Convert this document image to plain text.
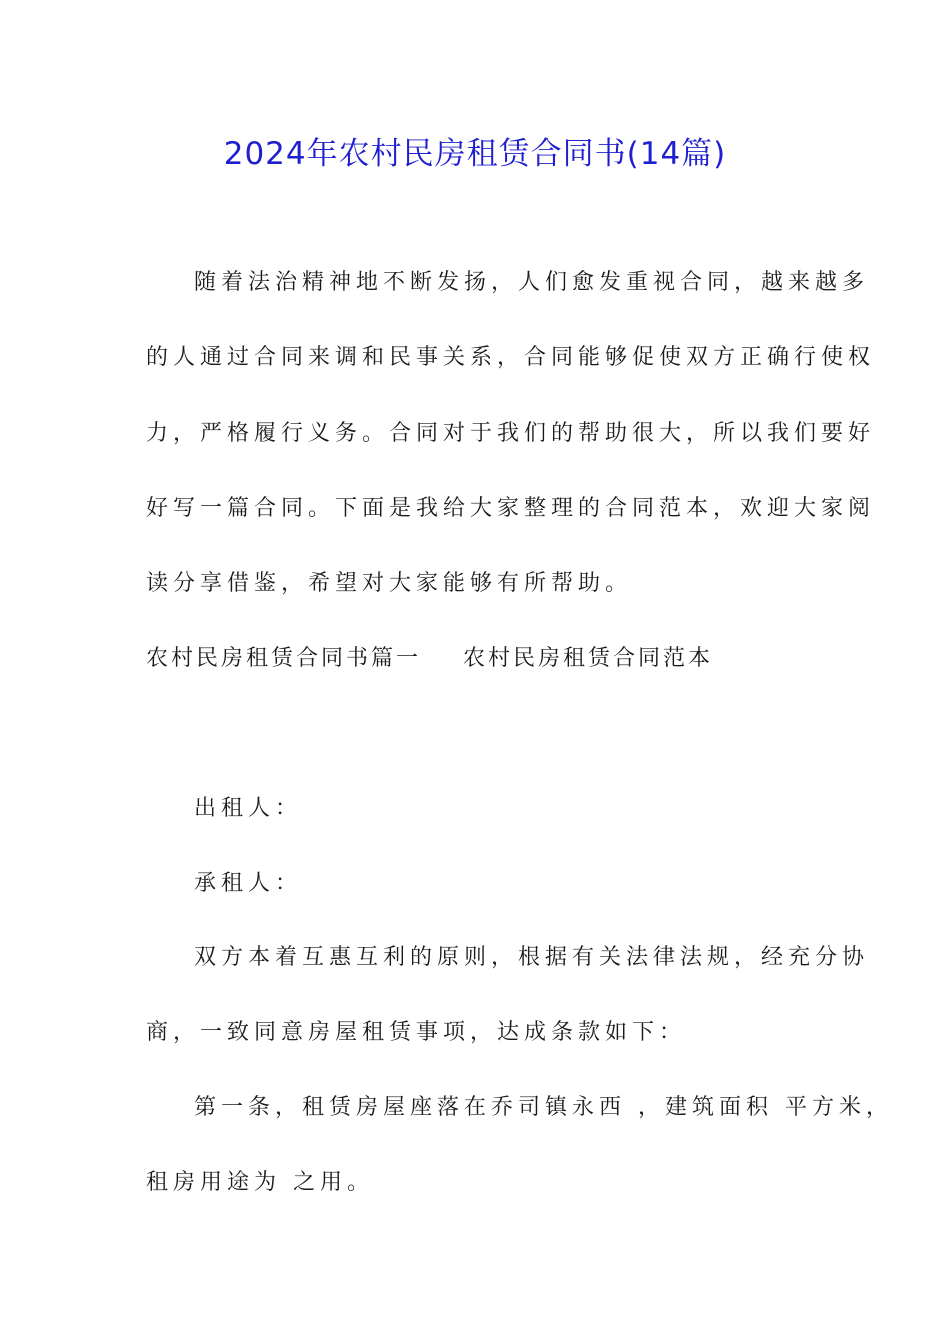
2024年农村民房租赁合同书(14篇)

随着法治精神地不断发扬，人们愈发重视合同，越来越多

的人通过合同来调和民事关系，合同能够促使双方正确行使权

力，严格履行义务。合同对于我们的帮助很大，所以我们要好

好写一篇合同。下面是我给大家整理的合同范本，欢迎大家阅

读分享借鉴，希望对大家能够有所帮助。

农村民房租赁合同书篇一 农村民房租赁合同范本

出租人：

承租人：

双方本着互惠互利的原则，根据有关法律法规，经充分协

商，一致同意房屋租赁事项，达成条款如下：

第一条，租赁房屋座落在乔司镇永西 ，建筑面积 平方米，

租房用途为 之用。
